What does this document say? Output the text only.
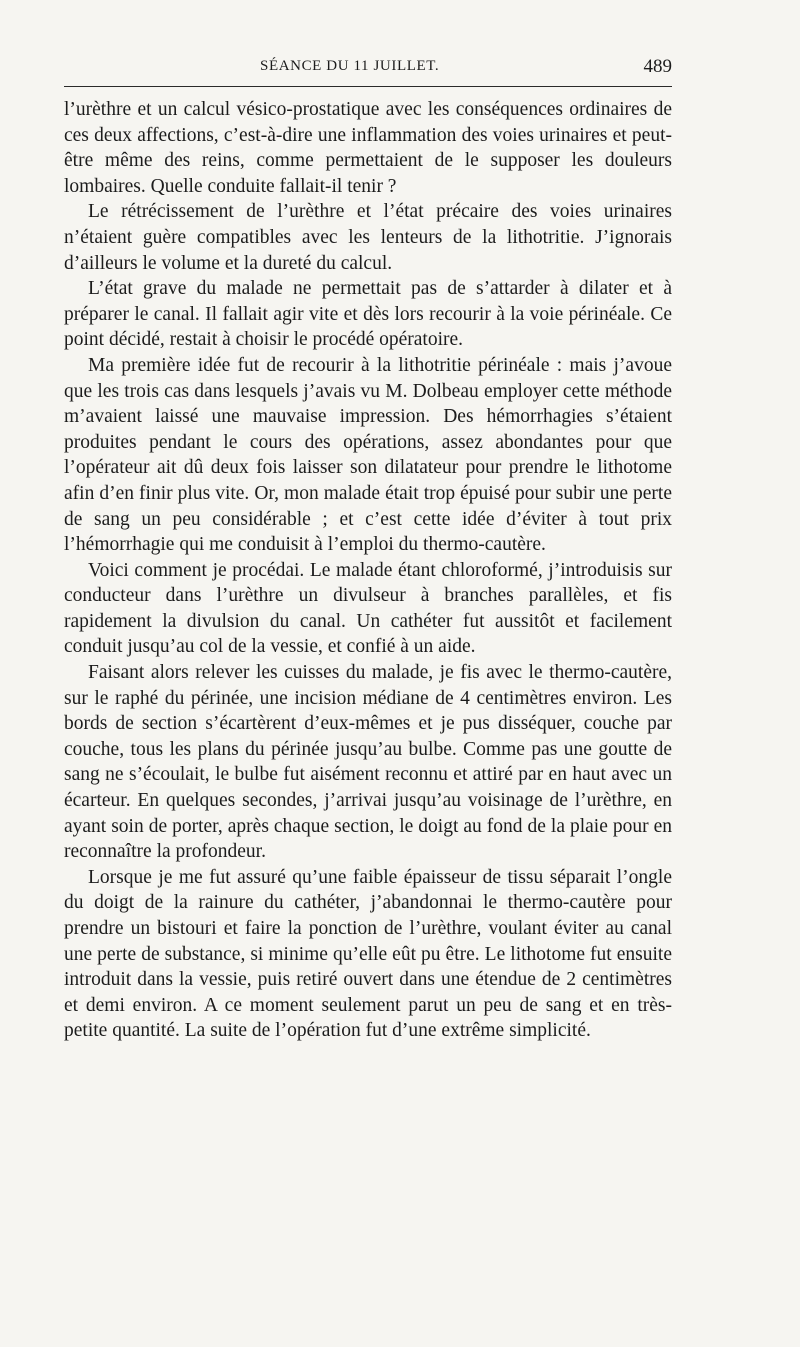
SÉANCE DU 11 JUILLET.	489

l’urèthre et un calcul vésico-prostatique avec les conséquences ordinaires de ces deux affections, c’est-à-dire une inflammation des voies urinaires et peut-être même des reins, comme permettaient de le supposer les douleurs lombaires. Quelle conduite fallait-il tenir ?

Le rétrécissement de l’urèthre et l’état précaire des voies urinaires n’étaient guère compatibles avec les lenteurs de la lithotritie. J’ignorais d’ailleurs le volume et la dureté du calcul.

L’état grave du malade ne permettait pas de s’attarder à dilater et à préparer le canal. Il fallait agir vite et dès lors recourir à la voie périnéale. Ce point décidé, restait à choisir le procédé opératoire.

Ma première idée fut de recourir à la lithotritie périnéale : mais j’avoue que les trois cas dans lesquels j’avais vu M. Dolbeau employer cette méthode m’avaient laissé une mauvaise impression. Des hémorrhagies s’étaient produites pendant le cours des opérations, assez abondantes pour que l’opérateur ait dû deux fois laisser son dilatateur pour prendre le lithotome afin d’en finir plus vite. Or, mon malade était trop épuisé pour subir une perte de sang un peu considérable ; et c’est cette idée d’éviter à tout prix l’hémorrhagie qui me conduisit à l’emploi du thermo-cautère.

Voici comment je procédai. Le malade étant chloroformé, j’introduisis sur conducteur dans l’urèthre un divulseur à branches parallèles, et fis rapidement la divulsion du canal. Un cathéter fut aussitôt et facilement conduit jusqu’au col de la vessie, et confié à un aide.

Faisant alors relever les cuisses du malade, je fis avec le thermo-cautère, sur le raphé du périnée, une incision médiane de 4 centimètres environ. Les bords de section s’écartèrent d’eux-mêmes et je pus disséquer, couche par couche, tous les plans du périnée jusqu’au bulbe. Comme pas une goutte de sang ne s’écoulait, le bulbe fut aisément reconnu et attiré par en haut avec un écarteur. En quelques secondes, j’arrivai jusqu’au voisinage de l’urèthre, en ayant soin de porter, après chaque section, le doigt au fond de la plaie pour en reconnaître la profondeur.

Lorsque je me fut assuré qu’une faible épaisseur de tissu séparait l’ongle du doigt de la rainure du cathéter, j’abandonnai le thermo-cautère pour prendre un bistouri et faire la ponction de l’urèthre, voulant éviter au canal une perte de substance, si minime qu’elle eût pu être. Le lithotome fut ensuite introduit dans la vessie, puis retiré ouvert dans une étendue de 2 centimètres et demi environ. A ce moment seulement parut un peu de sang et en très-petite quantité. La suite de l’opération fut d’une extrême simplicité.
